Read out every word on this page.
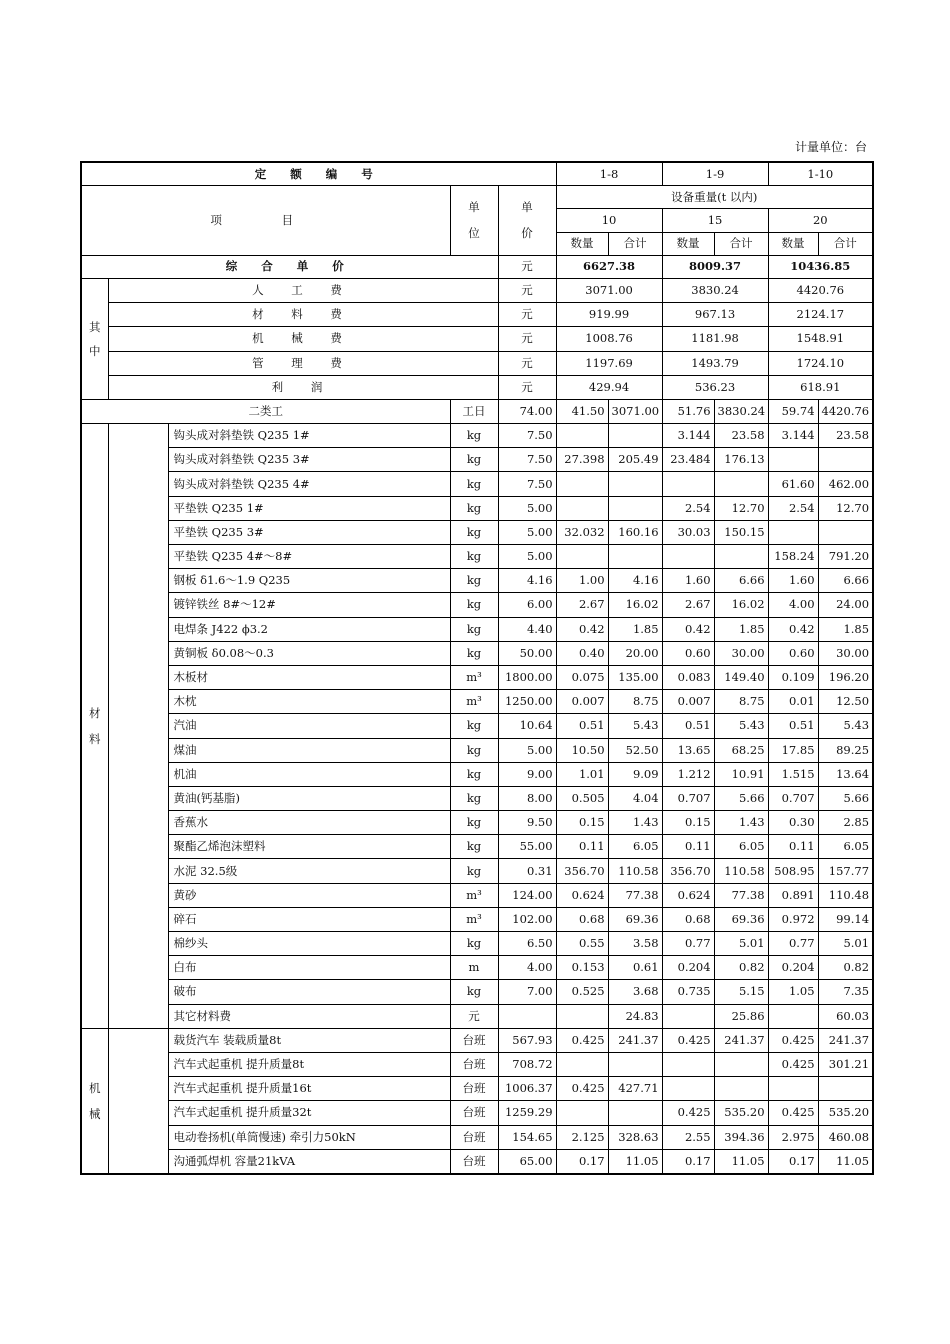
计量单位：台
定 额 编 号					1-8		1-9		1-10	
项 目			单位	单价	设备重量(t 以内)					
					10		15		20	
					数量	合计	数量	合计	数量	合计
综 合 单 价				元	6627.38		8009.37		10436.85	
其中	人 工 费			元	3071.00		3830.24		4420.76	
	材 料 费			元	919.99		967.13		2124.17	
	机 械 费			元	1008.76		1181.98		1548.91	
	管 理 费			元	1197.69		1493.79		1724.10	
	利 润			元	429.94		536.23		618.91	
二类工			工日	74.00	41.50	3071.00	51.76	3830.24	59.74	4420.76
材料		钩头成对斜垫铁 Q235 1#	kg	7.50			3.144	23.58	3.144	23.58
		钩头成对斜垫铁 Q235 3#	kg	7.50	27.398	205.49	23.484	176.13		
		钩头成对斜垫铁 Q235 4#	kg	7.50					61.60	462.00
		平垫铁 Q235 1#	kg	5.00			2.54	12.70	2.54	12.70
		平垫铁 Q235 3#	kg	5.00	32.032	160.16	30.03	150.15		
		平垫铁 Q235 4#～8#	kg	5.00					158.24	791.20
		钢板 δ1.6～1.9 Q235	kg	4.16	1.00	4.16	1.60	6.66	1.60	6.66
		镀锌铁丝 8#～12#	kg	6.00	2.67	16.02	2.67	16.02	4.00	24.00
		电焊条 J422 ϕ3.2	kg	4.40	0.42	1.85	0.42	1.85	0.42	1.85
		黄铜板 δ0.08～0.3	kg	50.00	0.40	20.00	0.60	30.00	0.60	30.00
		木板材	m³	1800.00	0.075	135.00	0.083	149.40	0.109	196.20
		木枕	m³	1250.00	0.007	8.75	0.007	8.75	0.01	12.50
		汽油	kg	10.64	0.51	5.43	0.51	5.43	0.51	5.43
		煤油	kg	5.00	10.50	52.50	13.65	68.25	17.85	89.25
		机油	kg	9.00	1.01	9.09	1.212	10.91	1.515	13.64
		黄油(钙基脂)	kg	8.00	0.505	4.04	0.707	5.66	0.707	5.66
		香蕉水	kg	9.50	0.15	1.43	0.15	1.43	0.30	2.85
		聚酯乙烯泡沫塑料	kg	55.00	0.11	6.05	0.11	6.05	0.11	6.05
		水泥 32.5级	kg	0.31	356.70	110.58	356.70	110.58	508.95	157.77
		黄砂	m³	124.00	0.624	77.38	0.624	77.38	0.891	110.48
		碎石	m³	102.00	0.68	69.36	0.68	69.36	0.972	99.14
		棉纱头	kg	6.50	0.55	3.58	0.77	5.01	0.77	5.01
		白布	m	4.00	0.153	0.61	0.204	0.82	0.204	0.82
		破布	kg	7.00	0.525	3.68	0.735	5.15	1.05	7.35
		其它材料费	元			24.83		25.86		60.03
机械		载货汽车 装载质量8t	台班	567.93	0.425	241.37	0.425	241.37	0.425	241.37
		汽车式起重机 提升质量8t	台班	708.72					0.425	301.21
		汽车式起重机 提升质量16t	台班	1006.37	0.425	427.71				
		汽车式起重机 提升质量32t	台班	1259.29			0.425	535.20	0.425	535.20
		电动卷扬机(单筒慢速) 牵引力50kN	台班	154.65	2.125	328.63	2.55	394.36	2.975	460.08
		沟通弧焊机 容量21kVA	台班	65.00	0.17	11.05	0.17	11.05	0.17	11.05
